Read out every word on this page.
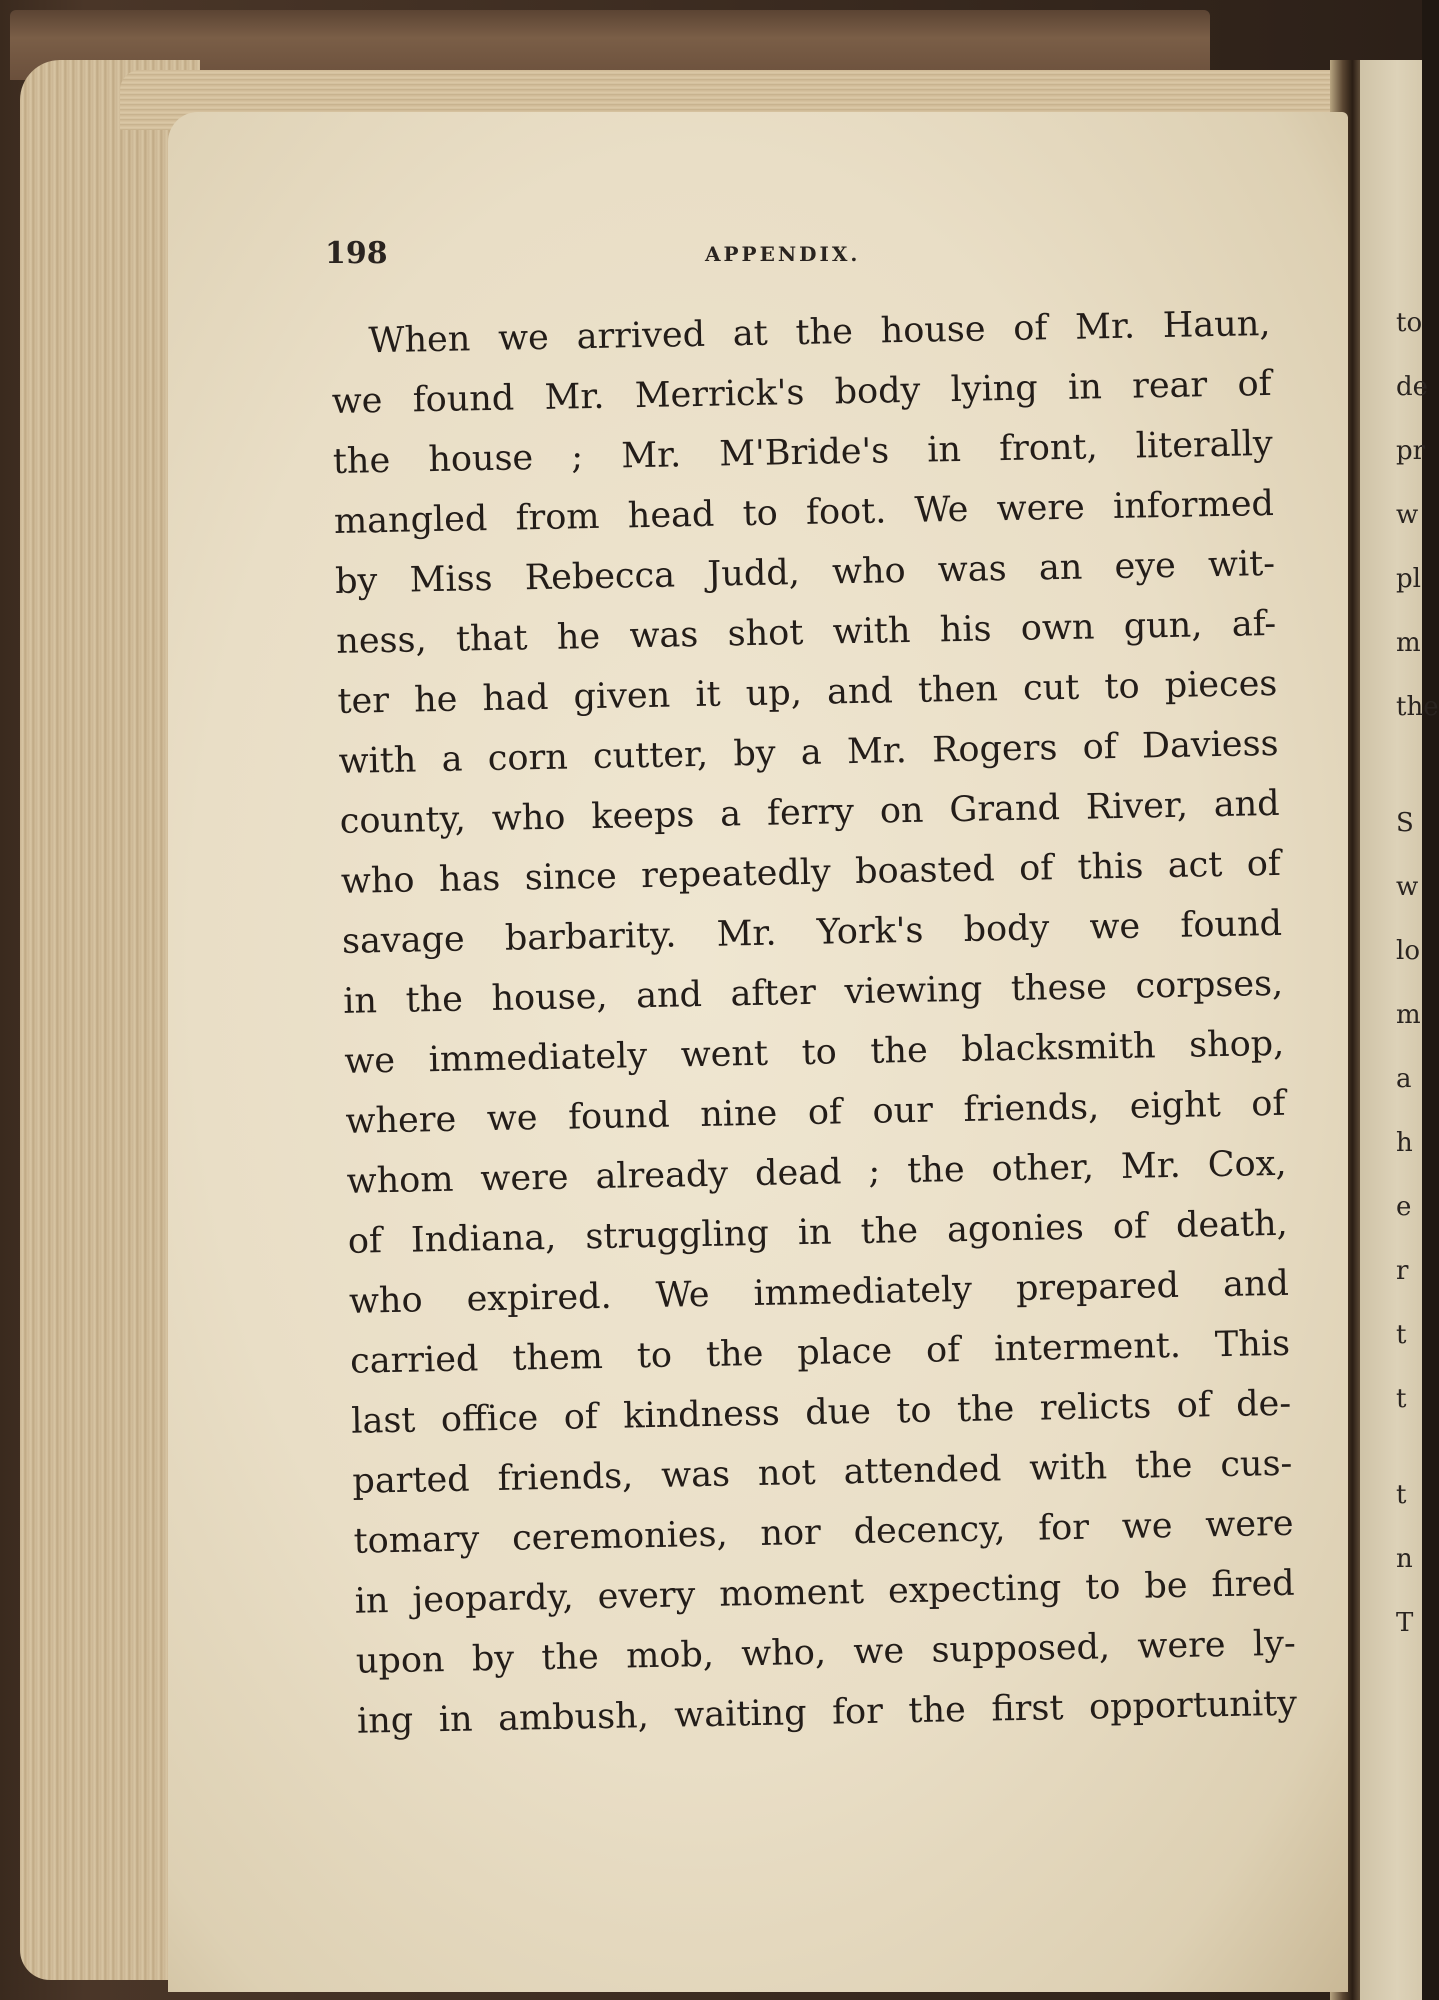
to
de
pr
w
pl
m
the
S
w
lo
m
a
h
e
r
t
t
t
n
T
198	APPENDIX.
When we arrived at the house of Mr. Haun,
we found Mr. Merrick's body lying in rear of
the house ; Mr. M'Bride's in front, literally
mangled from head to foot. We were informed
by Miss Rebecca Judd, who was an eye wit-
ness, that he was shot with his own gun, af-
ter he had given it up, and then cut to pieces
with a corn cutter, by a Mr. Rogers of Daviess
county, who keeps a ferry on Grand River, and
who has since repeatedly boasted of this act of
savage barbarity. Mr. York's body we found
in the house, and after viewing these corpses,
we immediately went to the blacksmith shop,
where we found nine of our friends, eight of
whom were already dead ; the other, Mr. Cox,
of Indiana, struggling in the agonies of death,
who expired. We immediately prepared and
carried them to the place of interment. This
last office of kindness due to the relicts of de-
parted friends, was not attended with the cus-
tomary ceremonies, nor decency, for we were
in jeopardy, every moment expecting to be fired
upon by the mob, who, we supposed, were ly-
ing in ambush, waiting for the first opportunity
